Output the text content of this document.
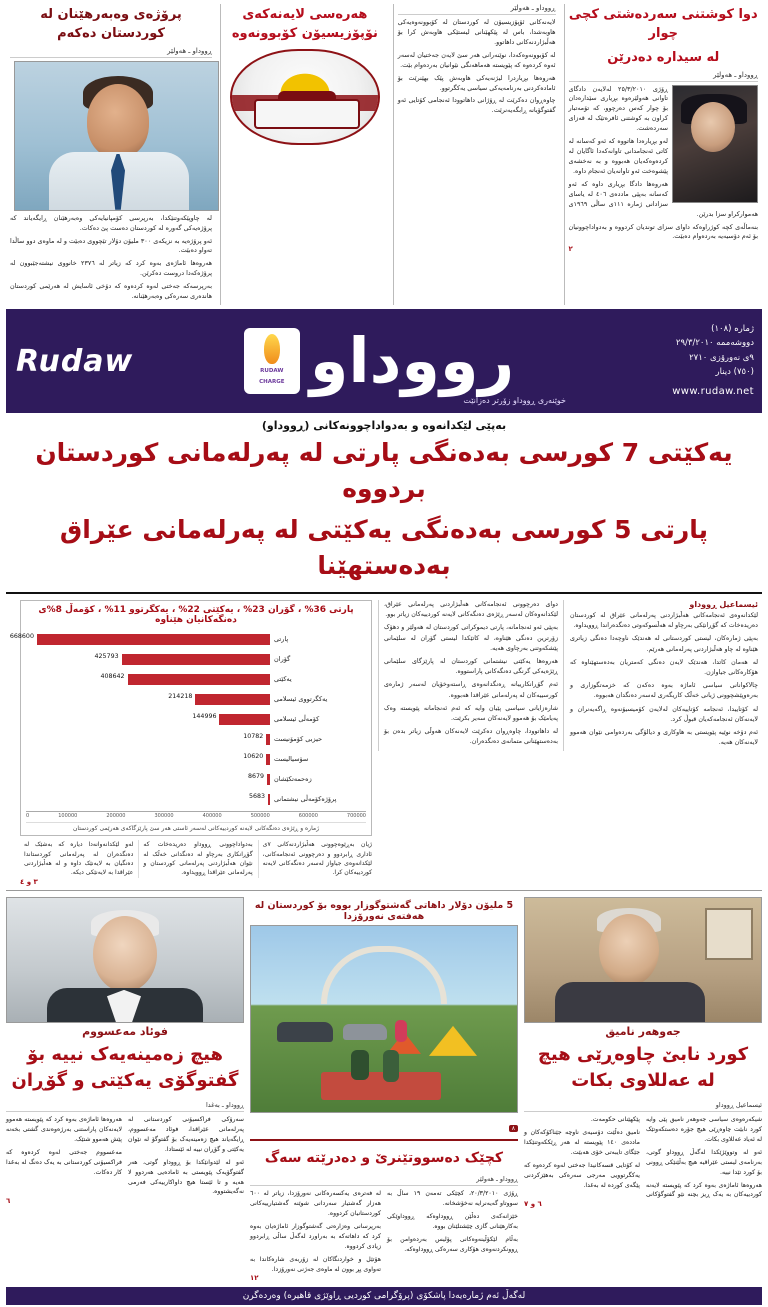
دوا کوشتنی سەردەشتی کچی چوار
لە سیدارە دەدرێن
ڕووداو ـ هەولێر

ڕۆژی ٢٥/٣/٢٠١٠ لەلایەن دادگای تاوانی هەولێرەوە بڕیاری سێدارەدان بۆ چوار کەس دەرچوو، کە تۆمەتبار کراون بە کوشتنی ئافرەتێک لە قەزای سەردەشت.

لەو بڕیارەدا هاتووە کە ئەو کەسانە لە کاتی ئەنجامدانی تاوانەکەدا ئاگایان لە کردەوەکەیان هەبووە و بە نەخشەی پێشوەخت ئەو تاوانەیان ئەنجام داوە.

هەروەها دادگا بڕیاری داوە کە ئەو کەسانە بەپێی ماددەی ٤٠٦ لە یاسای سزادانی ژمارە ١١١ی ساڵی ١٩٦٩ی هەمواركراو سزا بدرێن.

بنەماڵەی کچە کوژراوەکە داوای سزای توندیان کردووە و بەدواداچوونیان بۆ ئەم دۆسیەیە بەردەوام دەبێت.

٢
ڕووداو ـ هەولێر

لایەنەکانی ئۆپۆزیسیۆن لە کوردستان لە کۆبوونەوەیەکی هاوبەشدا، باس لە پێکهێنانی لیستێکی هاوبەش کرا بۆ هەڵبژاردنەکانی داهاتوو.

لە کۆبوونەوەکەدا، نوێنەرانی هەر سێ لایەن جەختیان لەسەر ئەوە کردەوە کە پێویستە هەماهەنگی نێوانیان بەردەوام بێت.

هەروەها بڕیاردرا لیژنەیەکی هاوبەش پێک بهێنرێت بۆ ئامادەکردنی بەرنامەیەکی سیاسی یەکگرتوو.

چاوەڕوان دەکرێت لە ڕۆژانی داهاتوودا ئەنجامی کۆتایی ئەو گفتوگۆیانە ڕابگەیەنرێت.

هەرەسی لایەنەکەی نۆپۆزیسیۆن کۆبوونەوە
پرۆژەی وەبەرهێنان لە کوردستان دەکەم
ڕووداو ـ هەولێر

لە چاوپێکەوتنێکدا، بەرپرسی کۆمپانیایەکی وەبەرهێنان ڕایگەیاند کە پرۆژەیەکی گەورە لە کوردستان دەست پێ دەکات.

ئەو پرۆژەیە بە نزیکەی ٣٠٠ ملیۆن دۆلار تێچووی دەبێت و لە ماوەی دوو ساڵدا تەواو دەبێت.

هەروەها ئاماژەی بەوە کرد کە زیاتر لە ٢٣٧٦ خانووی نیشتەجێبوون لە پرۆژەکەدا دروست دەکرێن.

بەرپرسەکە جەختی لەوە کردەوە کە دۆخی ئاسایش لە هەرێمی کوردستان هاندەری سەرەکی وەبەرهێنانە.

ژمارە (١٠٨)
دووشەممە ٢٩/٣/٢٠١٠
٩ی نەورۆزی ٢٧١٠
(٧٥٠) دینار
www.rudaw.net
رووداو
RUDAW
CHARGE
خوێنەری ڕووداو زۆرتر دەزانێت
Rudaw
بەپێی لێکدانەوە و بەدواداچوونەکانی (ڕووداو)
یەکێتی 7 کورسی بەدەنگی پارتی لە پەرلەمانی کوردستان بردووە
پارتی 5 کورسی بەدەنگی یەکێتی لە پەرلەمانی عێراق بەدەستهێنا
ئیسماعیل ڕووداو

لێکدانەوەی ئەنجامەکانی هەڵبژاردنی پەرلەمانی عێراق لە کوردستان دەریدەخات کە گۆڕانێکی بەرچاو لە هەڵسوکەوتی دەنگدەراندا ڕوویداوە.

بەپێی ژمارەکان، لیستی کوردستانی لە هەندێک ناوچەدا دەنگی زیاتری هێناوە لە چاو هەڵبژاردنی پەرلەمانی هەرێم.

لە هەمان کاتدا، هەندێک لایەن دەنگی کەمتریان بەدەستهێناوە کە هۆکارەکانی جیاوازن.

چالاکوانانی سیاسی ئاماژە بەوە دەکەن کە خزمەتگوزاری و بەرەوپێشچوونی ژیانی خەڵک کاریگەری لەسەر دەنگدان هەبووە.

لە کۆتاییدا، ئەنجامە کۆتاییەکان لەلایەن کۆمیسیۆنەوە ڕاگەیەنران و لایەنەکان ئەنجامەکەیان قبوڵ کرد.

ئەم دۆخە نوێیە پێویستی بە هاوکاری و دیالۆگی بەردەوامی نێوان هەموو لایەنەکان هەیە.

دوای دەرچوونی ئەنجامەکانی هەڵبژاردنی پەرلەمانی عێراق، لێکدانەوەکان لەسەر ڕێژەی دەنگەکانی لایەنە کوردییەکان زیاتر بوو.

بەپێی ئەو ئەنجامانە، پارتی دیموکراتی کوردستان لە هەولێر و دهۆک زۆرترین دەنگی هێناوە، لە کاتێکدا لیستی گۆران لە سلێمانی پێشکەوتنی بەرچاوی هەیە.

هەروەها یەکێتی نیشتمانی کوردستان لە پارێزگای سلێمانی ڕێژەیەکی گرنگی دەنگەکانی پاراستووە.

ئەم گۆڕانکارییانە ڕەنگدانەوەی ڕاستەوخۆیان لەسەر ژمارەی کورسییەکان لە پەرلەمانی عێراقدا هەبووە.

شارەزایانی سیاسی پێیان وایە کە ئەم ئەنجامانە پێویستە وەک پەیامێک بۆ هەموو لایەنەکان سەیر بکرێت.

لە داهاتوودا، چاوەڕوان دەکرێت لایەنەکان هەوڵی زیاتر بدەن بۆ بەدەستهێنانی متمانەی دەنگدەران.

پارتی 36% ، گۆران 23% ، یەکێتی 22% ، یەکگرتوو 11% ، کۆمەڵ 8%ی دەنگەکانیان هێناوە
پارتی
668600
گۆران
425793
یەکێتی
408642
یەکگرتووی ئیسلامی
214218
کۆمەڵی ئیسلامی
144996
حیزبی کۆمۆنیست
10782
سۆسیالیست
10620
زەحمەتکێشان
8679
پرۆژەکۆمەڵی نیشتمانی
5683
700000
600000
500000
400000
300000
200000
100000
0
ژمارە و ڕێژەی دەنگەکانی لایەنە کوردییەکانی لەسەر ئاستی هەر سێ پارێزگاکەی هەرێمی کوردستان
ژیان بەڕێوەچوونی هەڵبژاردنەکانی ٧ی ئاداری ڕابردوو و دەرچوونی ئەنجامەکانی، لێکدانەوەی جیاواز لەسەر دەنگەکانی لایەنە کوردییەکان کرا.
بەدواداچوونی ڕووداو دەریدەخات کە گۆڕانکاری بەرچاو لە دەنگدانی خەڵک لە نێوان هەڵبژاردنی پەرلەمانی کوردستان و پەرلەمانی عێراقدا ڕوویداوە.
لەو لێکدانەوانەدا دیارە کە بەشێک لە دەنگدەران لە پەرلەمانی کوردستاندا دەنگیان بە لایەنێک داوە و لە هەڵبژاردنی عێراقدا بە لایەنێکی دیکە.
٣ و ٤
جەوهەر نامیق
کورد نابێ چاوەڕێی هیچ لە عەللاوی بکات
ئیسماعیل ڕووداو

شیکەرەوەی سیاسی جەوهەر نامیق پێی وایە کورد نابێت چاوەڕێی هیچ جۆرە دەستکەوتێک لە ئەیاد عەللاوی بکات.

ئەو لە وتووێژێکدا لەگەڵ ڕووداو گوتی، بەرنامەی لیستی عێراقیە هیچ بەڵێنێکی ڕوونی بۆ کورد تێدا نییە.

هەروەها ئاماژەی بەوە کرد کە پێویستە لایەنە کوردییەکان بە یەک ڕیز بچنە نێو گفتوگۆکانی پێکهێنانی حکومەت.

نامیق دەڵێت دۆسیەی ناوچە جێناکۆکەکان و ماددەی ١٤٠ پێویستە لە هەر ڕێککەوتنێکدا جێگای تایبەتی خۆی هەبێت.

لە کۆتایی قسەکانیدا جەختی لەوە کردەوە کە یەکگرتوویی مەرجی سەرەکی بەهێزکردنی پێگەی کوردە لە بەغدا.

٦ و ٧
5 ملیۆن دۆلار داهاتی گەشتوگوزار بووە بۆ کوردستان لە هەفتەی نەورۆزدا
٨
کچێک دەسووتێنرێ و دەدرێتە سەگ
ڕووداو ـ هەولێر

ڕۆژی ٢٠/٣/٢٠١٠، کچێکی تەمەن ١٩ ساڵ بە سووتاو گەیەنرایە نەخۆشخانە.

خێزانەکەی دەڵێن ڕووداوەکە ڕووداوێکی بەکارهێنانی گازی چێشتلێنان بووە.

بەڵام لێکۆڵینەوەکانی پۆلیس بەردەوامن بۆ ڕوونکردنەوەی هۆکاری سەرەکی ڕووداوەکە.

لە فەترەی یەکسەرەکانی نەورۆزدا، زیاتر لە ٦٠٠ هەزار گەشتیار سەردانی شوێنە گەشتیارییەکانی کوردستانیان کردووە.

بەرپرسانی وەزارەتی گەشتوگوزار ئاماژەیان بەوە کرد کە داهاتەکە بە بەراورد لەگەڵ ساڵی ڕابردوو زیادی کردووە.

هۆتێل و خواردنگاکان لە زۆربەی شارەکاندا بە تەواوی پڕ بوون لە ماوەی جەژنی نەورۆزدا.

١٢
فوئاد مەعسووم
هیچ زەمینەیەک نییە بۆ گفتوگۆی یەکێتی و گۆڕان
ڕووداو ـ بەغدا

سەرۆکی فراکسیۆنی کوردستانی لە پەرلەمانی عێراقدا، فوئاد مەعسووم، ڕایگەیاند هیچ زەمینەیەک بۆ گفتوگۆ لە نێوان یەکێتی و گۆڕان نییە لە ئێستادا.

ئەو لە لێدوانێکدا بۆ ڕووداو گوتی، هەر گفتوگۆیەک پێویستی بە ئامادەیی هەردوو لا هەیە و تا ئێستا هیچ داواکارییەکی فەرمی نەگەیشتووە.

هەروەها ئاماژەی بەوە کرد کە پێویستە هەموو لایەنەکان پاراستنی بەرژەوەندی گشتی بخەنە پێش هەموو شتێک.

مەعسووم جەختی لەوە کردەوە کە فراکسیۆنی کوردستانی بە یەک دەنگ لە بەغدا کار دەکات.

٦
لەگەڵ ئەم ژمارەیەدا پاشکۆی (پرۆگرامی کوردیی ڕاوێژی قاهیرە) وەردەگرن
